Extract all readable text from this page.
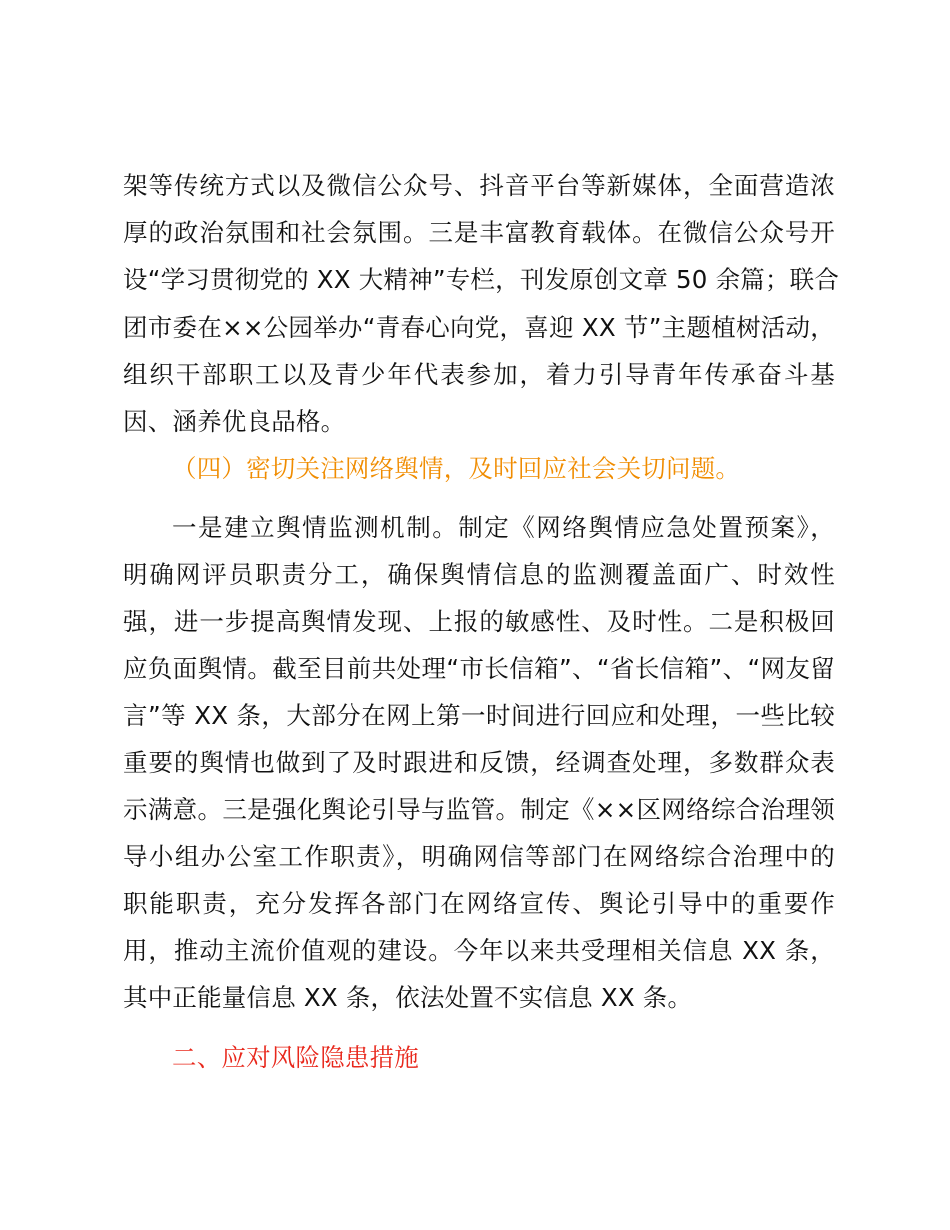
架等传统方式以及微信公众号、抖音平台等新媒体，全面营造浓
厚的政治氛围和社会氛围。三是丰富教育载体。在微信公众号开
设“学习贯彻党的 XX 大精神”专栏，刊发原创文章 50 余篇；联合
团市委在××公园举办“青春心向党，喜迎 XX 节”主题植树活动，
组织干部职工以及青少年代表参加，着力引导青年传承奋斗基
因、涵养优良品格。
（四）密切关注网络舆情，及时回应社会关切问题。
一是建立舆情监测机制。制定《网络舆情应急处置预案》，
明确网评员职责分工，确保舆情信息的监测覆盖面广、时效性
强，进一步提高舆情发现、上报的敏感性、及时性。二是积极回
应负面舆情。截至目前共处理“市长信箱”、“省长信箱”、“网友留
言”等 XX 条，大部分在网上第一时间进行回应和处理，一些比较
重要的舆情也做到了及时跟进和反馈，经调查处理，多数群众表
示满意。三是强化舆论引导与监管。制定《××区网络综合治理领
导小组办公室工作职责》，明确网信等部门在网络综合治理中的
职能职责，充分发挥各部门在网络宣传、舆论引导中的重要作
用，推动主流价值观的建设。今年以来共受理相关信息 XX 条，
其中正能量信息 XX 条，依法处置不实信息 XX 条。
二、应对风险隐患措施
